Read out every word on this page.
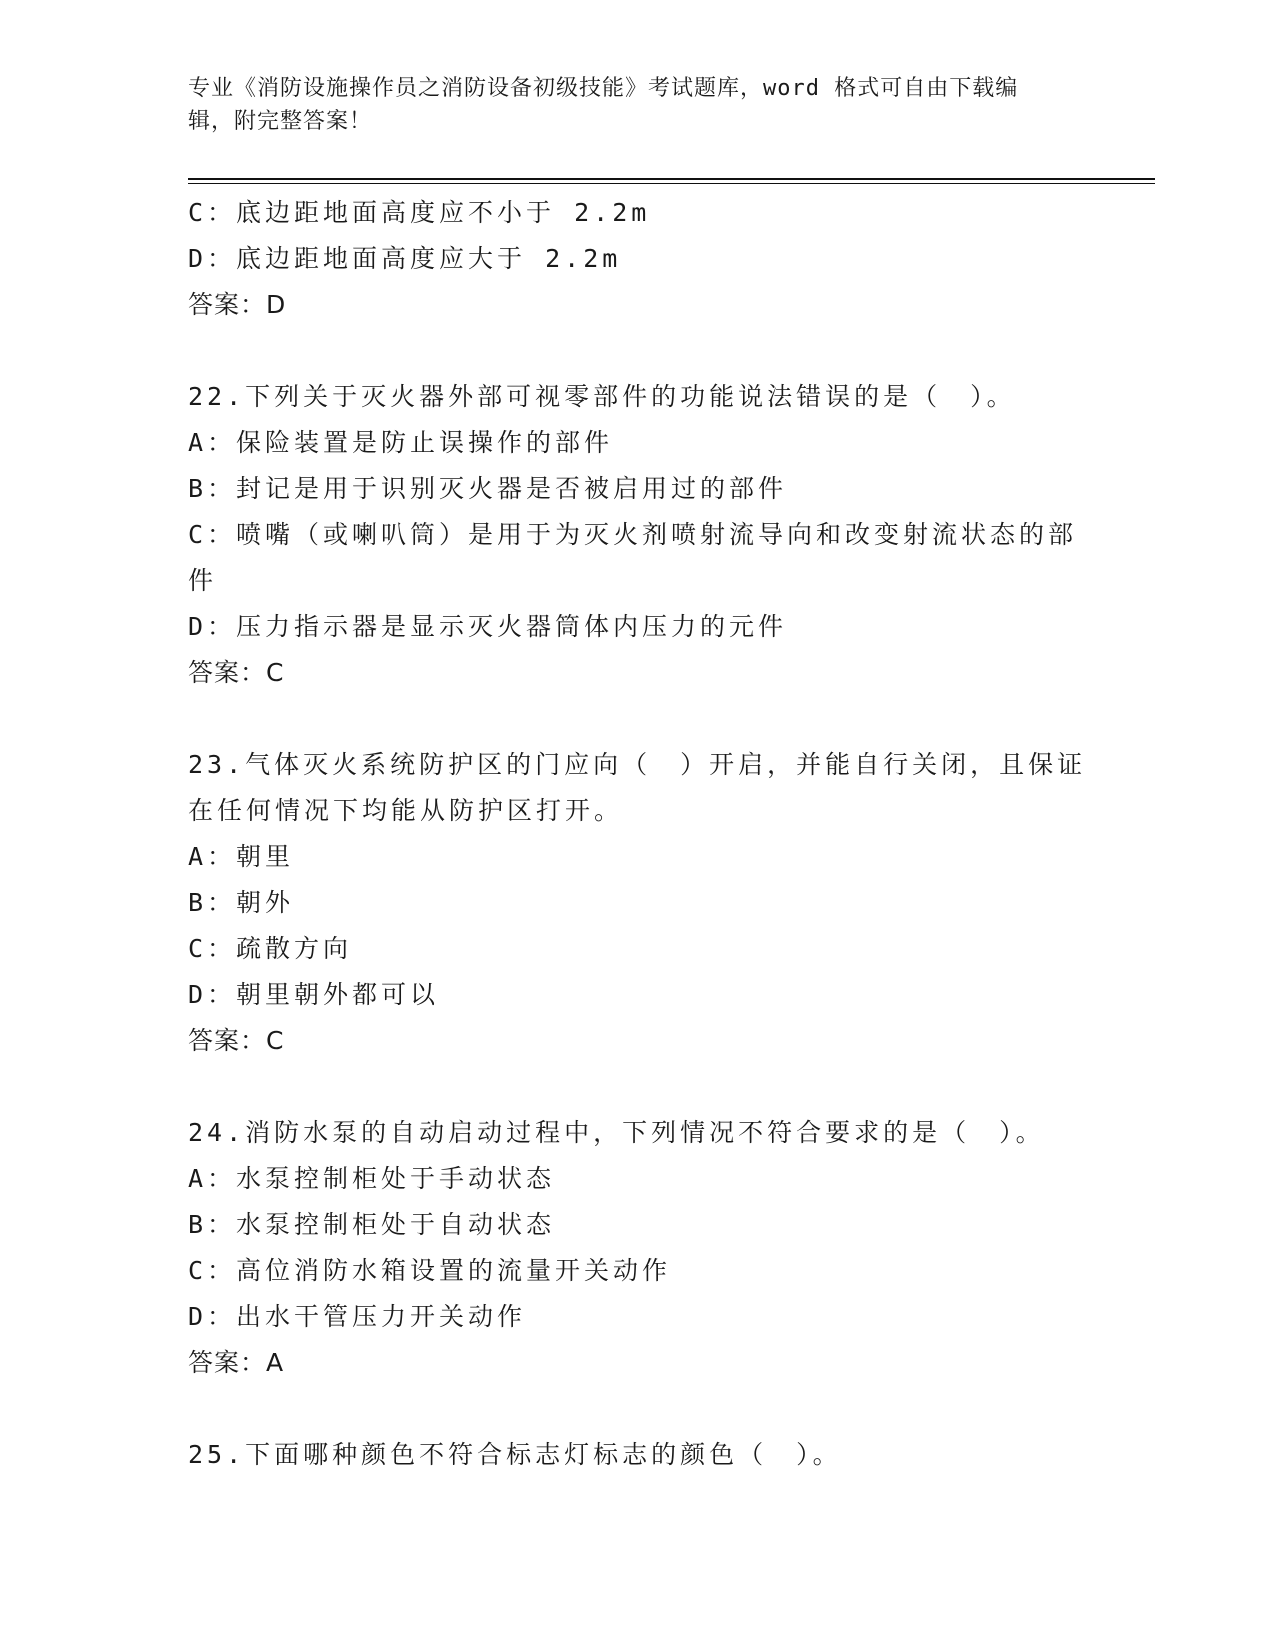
专业《消防设施操作员之消防设备初级技能》考试题库，word 格式可自由下载编
辑，附完整答案！
C：底边距地面高度应不小于 2.2m
D：底边距地面高度应大于 2.2m
答案：D
22.下列关于灭火器外部可视零部件的功能说法错误的是（　）。
A：保险装置是防止误操作的部件
B：封记是用于识别灭火器是否被启用过的部件
C：喷嘴（或喇叭筒）是用于为灭火剂喷射流导向和改变射流状态的部
件
D：压力指示器是显示灭火器筒体内压力的元件
答案：C
23.气体灭火系统防护区的门应向（　）开启，并能自行关闭，且保证
在任何情况下均能从防护区打开。
A：朝里
B：朝外
C：疏散方向
D：朝里朝外都可以
答案：C
24.消防水泵的自动启动过程中，下列情况不符合要求的是（　）。
A：水泵控制柜处于手动状态
B：水泵控制柜处于自动状态
C：高位消防水箱设置的流量开关动作
D：出水干管压力开关动作
答案：A
25.下面哪种颜色不符合标志灯标志的颜色（　）。
